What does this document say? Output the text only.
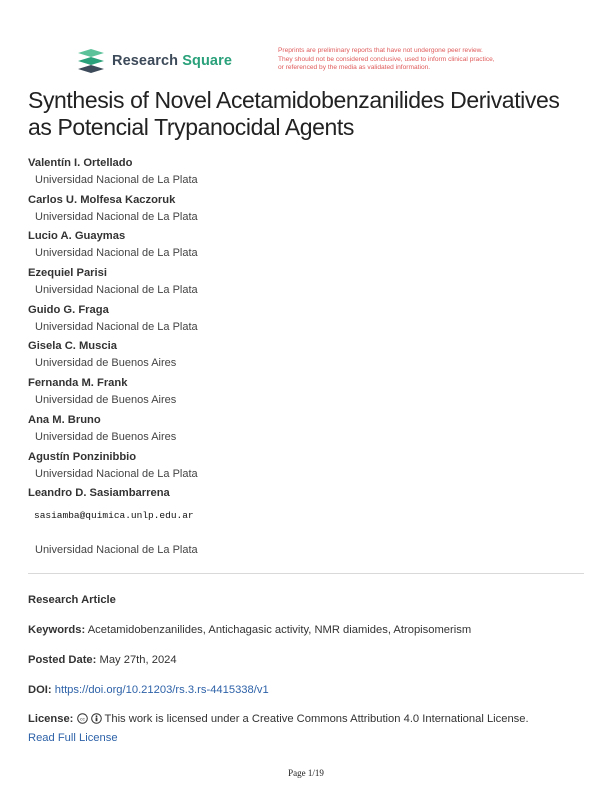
Research Square
Preprints are preliminary reports that have not undergone peer review.
They should not be considered conclusive, used to inform clinical practice,
or referenced by the media as validated information.
Synthesis of Novel Acetamidobenzanilides Derivatives as Potencial Trypanocidal Agents
Valentín I. Ortellado
Universidad Nacional de La Plata
Carlos U. Molfesa Kaczoruk
Universidad Nacional de La Plata
Lucio A. Guaymas
Universidad Nacional de La Plata
Ezequiel Parisi
Universidad Nacional de La Plata
Guido G. Fraga
Universidad Nacional de La Plata
Gisela C. Muscia
Universidad de Buenos Aires
Fernanda M. Frank
Universidad de Buenos Aires
Ana M. Bruno
Universidad de Buenos Aires
Agustín Ponzinibbio
Universidad Nacional de La Plata
Leandro D. Sasiambarrena
sasiamba@quimica.unlp.edu.ar
Universidad Nacional de La Plata
Research Article
Keywords: Acetamidobenzanilides, Antichagasic activity, NMR diamides, Atropisomerism
Posted Date: May 27th, 2024
DOI: https://doi.org/10.21203/rs.3.rs-4415338/v1
License: cc This work is licensed under a Creative Commons Attribution 4.0 International License.
Read Full License
Page 1/19
